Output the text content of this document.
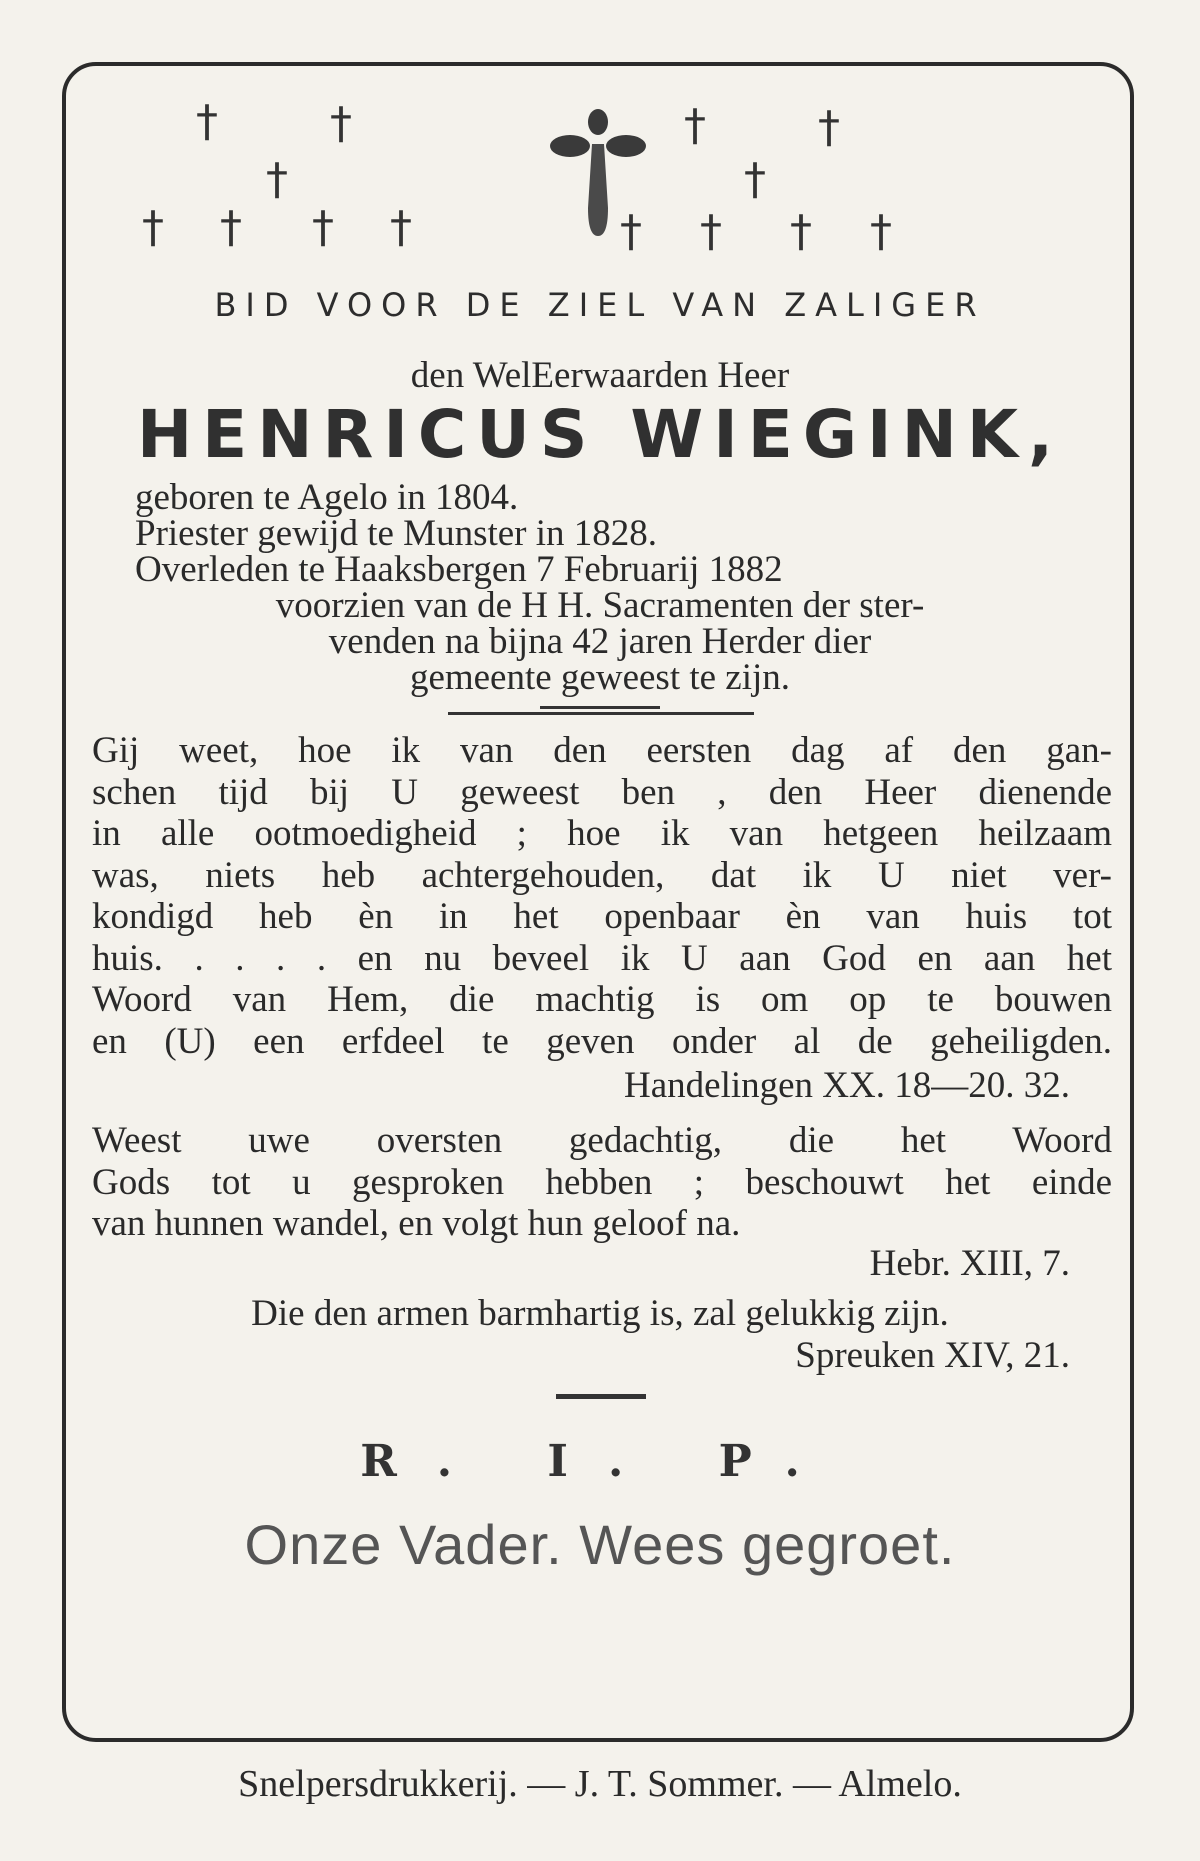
†	†
†
† † † †
†	†
†
† † † †
BID VOOR DE ZIEL VAN ZALIGER
den WelEerwaarden Heer
HENRICUS WIEGINK,
geboren te Agelo in 1804.
Priester gewijd te Munster in 1828.
Overleden te Haaksbergen 7 Februarij 1882
voorzien van de H H. Sacramenten der ster-
venden na bijna 42 jaren Herder dier
gemeente geweest te zijn.
Gij weet, hoe ik van den eersten dag af den gan-
schen tijd bij U geweest ben , den Heer dienende
in alle ootmoedigheid ; hoe ik van hetgeen heilzaam
was, niets heb achtergehouden, dat ik U niet ver-
kondigd heb èn in het openbaar èn van huis tot
huis. . . . . en nu beveel ik U aan God en aan het
Woord van Hem, die machtig is om op te bouwen
en (U) een erfdeel te geven onder al de geheiligden.
Handelingen XX. 18—20. 32.
Weest uwe oversten gedachtig, die het Woord
Gods tot u gesproken hebben ; beschouwt het einde
van hunnen wandel, en volgt hun geloof na.
Hebr. XIII, 7.
Die den armen barmhartig is, zal gelukkig zijn.
Spreuken XIV, 21.
R. I. P.
Onze Vader. Wees gegroet.
Snelpersdrukkerij. — J. T. Sommer. — Almelo.
